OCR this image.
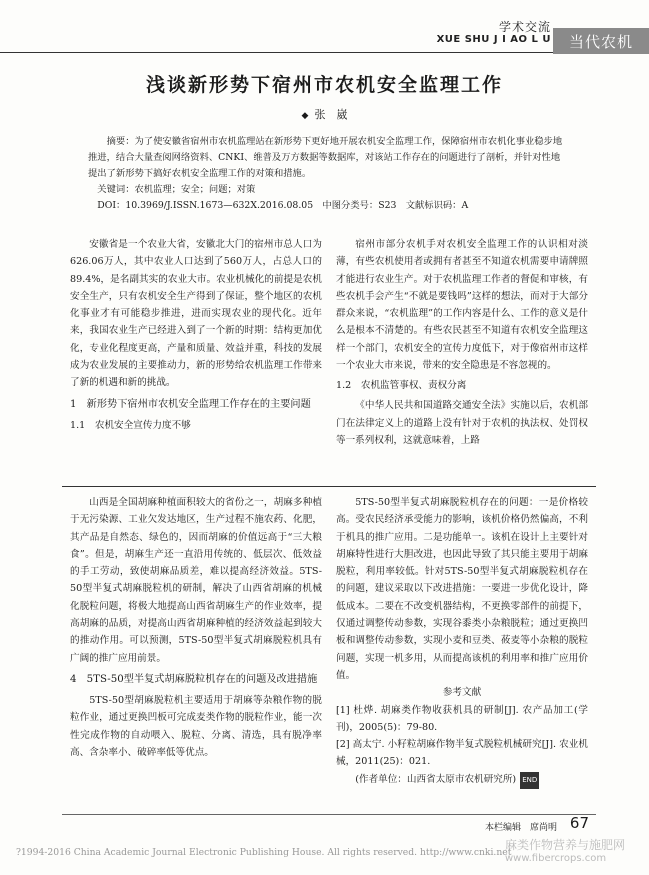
学术交流
XUE SHU J I AO L U	当代农机
浅谈新形势下宿州市农机安全监理工作
◆ 张　崴

摘要：为了使安徽省宿州市农机监理站在新形势下更好地开展农机安全监理工作，保障宿州市农机化事业稳步地推进，结合大量查阅网络资料、CNKI、维普及万方数据等数据库，对该站工作存在的问题进行了剖析，并针对性地提出了新形势下搞好农机安全监理工作的对策和措施。

关键词：农机监理；安全；问题；对策

DOI：10.3969/J.ISSN.1673—632X.2016.08.05　中图分类号：S23　文献标识码：A

安徽省是一个农业大省，安徽北大门的宿州市总人口为626.06万人，其中农业人口达到了560万人，占总人口的89.4%，是名副其实的农业大市。农业机械化的前提是农机安全生产，只有农机安全生产得到了保证，整个地区的农机化事业才有可能稳步推进，进而实现农业的现代化。近年来，我国农业生产已经进入到了一个新的时期：结构更加优化，专业化程度更高，产量和质量、效益并重，科技的发展成为农业发展的主要推动力，新的形势给农机监理工作带来了新的机遇和新的挑战。

1　新形势下宿州市农机安全监理工作存在的主要问题
1.1　农机安全宣传力度不够

宿州市部分农机手对农机安全监理工作的认识相对淡薄，有些农机使用者或拥有者甚至不知道农机需要申请牌照才能进行农业生产。对于农机监理工作者的督促和审核，有些农机手会产生“不就是要钱吗”这样的想法，而对于大部分群众来说，“农机监理”的工作内容是什么、工作的意义是什么是根本不清楚的。有些农民甚至不知道有农机安全监理这样一个部门，农机安全的宣传力度低下，对于像宿州市这样一个农业大市来说，带来的安全隐患是不容忽视的。

1.2　农机监管事权、责权分离

《中华人民共和国道路交通安全法》实施以后，农机部门在法律定义上的道路上没有针对于农机的执法权、处罚权等一系列权利，这就意味着，上路

山西是全国胡麻种植面积较大的省份之一，胡麻多种植于无污染源、工业欠发达地区，生产过程不施农药、化肥，其产品是自然态、绿色的，因而胡麻的价值远高于“三大粮食”。但是，胡麻生产还一直沿用传统的、低层次、低效益的手工劳动，致使胡麻品质差，难以提高经济效益。5TS-50型半复式胡麻脱粒机的研制，解决了山西省胡麻的机械化脱粒问题，将极大地提高山西省胡麻生产的作业效率，提高胡麻的品质，对提高山西省胡麻种植的经济效益起到较大的推动作用。可以预测，5TS-50型半复式胡麻脱粒机具有广阔的推广应用前景。

4　5TS-50型半复式胡麻脱粒机存在的问题及改进措施

5TS-50型胡麻脱粒机主要适用于胡麻等杂粮作物的脱粒作业，通过更换凹板可完成麦类作物的脱粒作业，能一次性完成作物的自动喂入、脱粒、分离、清选，具有脱净率高、含杂率小、破碎率低等优点。

5TS-50型半复式胡麻脱粒机存在的问题：一是价格较高。受农民经济承受能力的影响，该机价格仍然偏高，不利于机具的推广应用。二是功能单一。该机在设计上主要针对胡麻特性进行大胆改进，也因此导致了其只能主要用于胡麻脱粒，利用率较低。针对5TS-50型半复式胡麻脱粒机存在的问题，建议采取以下改进措施：一要进一步优化设计，降低成本。二要在不改变机器结构，不更换零部件的前提下，仅通过调整传动参数，实现谷黍类小杂粮脱粒；通过更换凹板和调整传动参数，实现小麦和豆类、莜麦等小杂粮的脱粒问题，实现一机多用，从而提高该机的利用率和推广应用价值。

参考文献

[1] 杜烨. 胡麻类作物收获机具的研制[J]. 农产品加工(学刊)，2005(5)：79-80.

[2] 高太宁. 小籽粒胡麻作物半复式脱粒机械研究[J]. 农业机械，2011(25)：021.

(作者单位：山西省太原市农机研究所) END

本栏编辑　席尚明 67
?1994-2016 China Academic Journal Electronic Publishing House. All rights reserved. http://www.cnki.net
麻类作物营养与施肥网
www.fibercrops.com
